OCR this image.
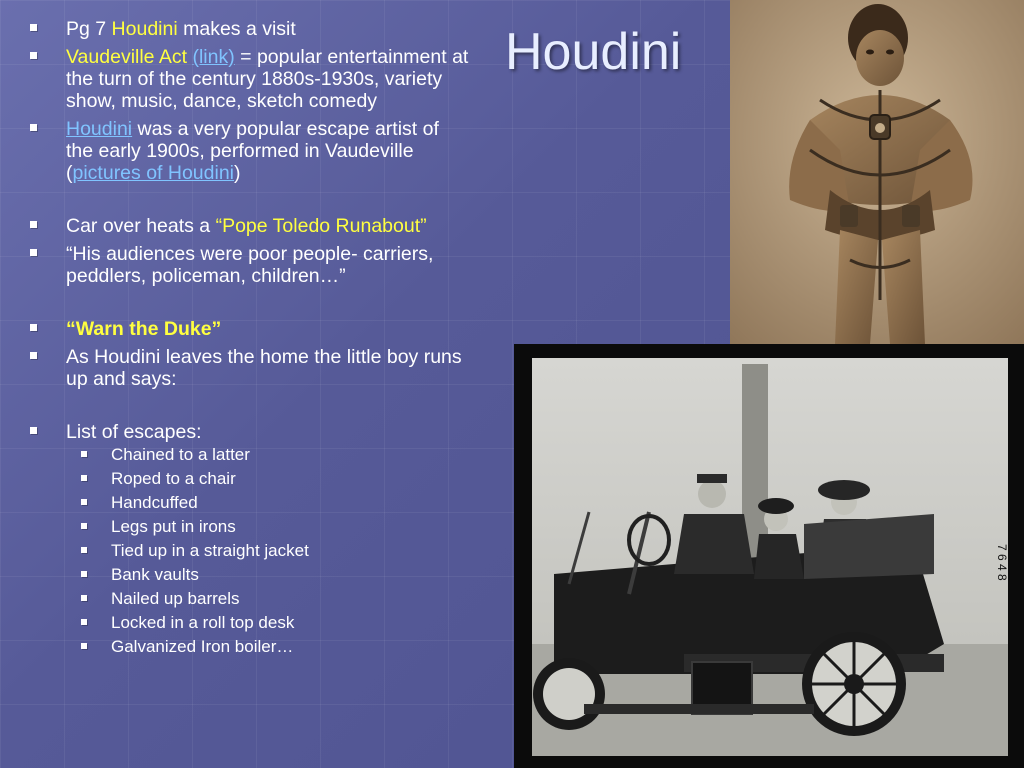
Houdini
Pg 7 Houdini makes a visit
Vaudeville Act (link) = popular entertainment at the turn of the century 1880s-1930s, variety show, music, dance, sketch comedy
Houdini was a very popular escape artist of the early 1900s, performed in Vaudeville (pictures of Houdini)
Car over heats a “Pope Toledo Runabout”
“His audiences were poor people- carriers, peddlers, policeman, children…”
“Warn the Duke”
As Houdini leaves the home the little boy runs up and says:
List of escapes:
Chained to a latter
Roped to a chair
Handcuffed
Legs put in irons
Tied up in a straight jacket
Bank vaults
Nailed up barrels
Locked in a roll top desk
Galvanized Iron boiler…
7 6 4 8
